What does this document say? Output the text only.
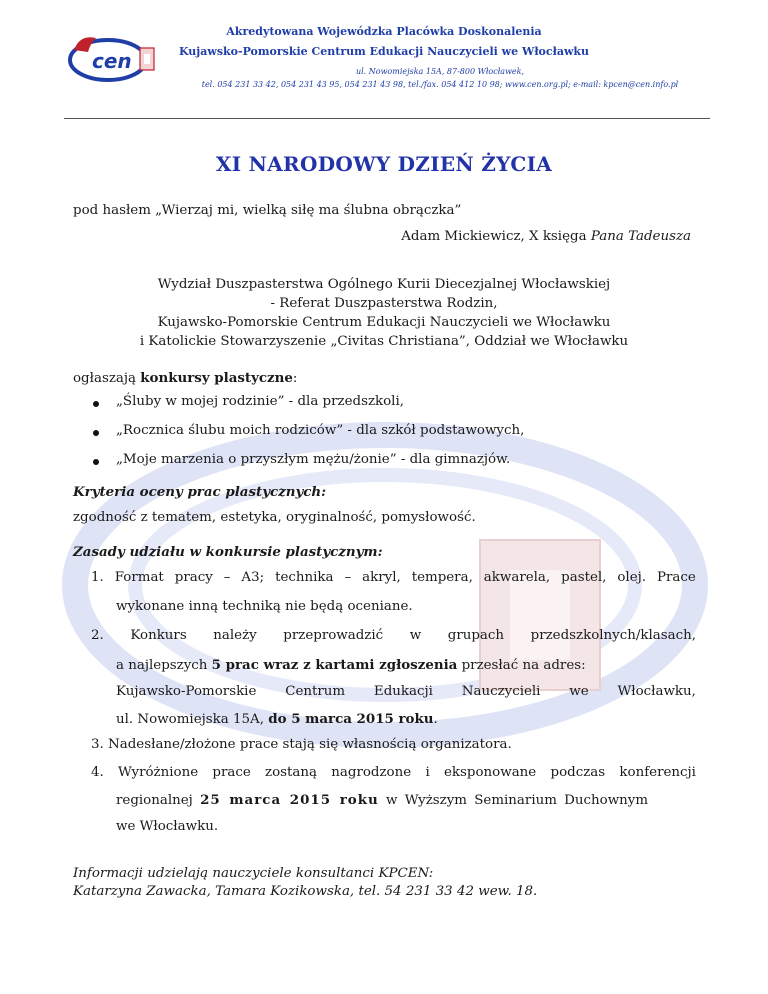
cen
Akredytowana Wojewódzka Placówka Doskonalenia
Kujawsko-Pomorskie Centrum Edukacji Nauczycieli we Włocławku
ul. Nowomiejska 15A, 87-800 Włocławek,
tel. 054 231 33 42, 054 231 43 95, 054 231 43 98, tel./fax. 054 412 10 98; www.cen.org.pl; e-mail: kpcen@cen.info.pl
XI NARODOWY DZIEŃ ŻYCIA
pod hasłem „Wierzaj mi, wielką siłę ma ślubna obrączka”
Adam Mickiewicz, X księga Pana Tadeusza
Wydział Duszpasterstwa Ogólnego Kurii Diecezjalnej Włocławskiej
- Referat Duszpasterstwa Rodzin,
Kujawsko-Pomorskie Centrum Edukacji Nauczycieli we Włocławku
i Katolickie Stowarzyszenie „Civitas Christiana”, Oddział we Włocławku
ogłaszają konkursy plastyczne:
„Śluby w mojej rodzinie” - dla przedszkoli,
„Rocznica ślubu moich rodziców” - dla szkół podstawowych,
„Moje marzenia o przyszłym mężu/żonie” - dla gimnazjów.
Kryteria oceny prac plastycznych:
zgodność z tematem, estetyka, oryginalność, pomysłowość.
Zasady udziału w konkursie plastycznym:
1. Format pracy – A3; technika – akryl, tempera, akwarela, pastel, olej. Prace
wykonane inną techniką nie będą oceniane.
2. Konkurs należy przeprowadzić w grupach przedszkolnych/klasach,
a najlepszych 5 prac wraz z kartami zgłoszenia przesłać na adres:
Kujawsko-Pomorskie Centrum Edukacji Nauczycieli we Włocławku,
ul. Nowomiejska 15A, do 5 marca 2015 roku.
3. Nadesłane/złożone prace stają się własnością organizatora.
4. Wyróżnione prace zostaną nagrodzone i eksponowane podczas konferencji
regionalnej 25 marca 2015 roku w Wyższym Seminarium Duchownym
we Włocławku.
Informacji udzielają nauczyciele konsultanci KPCEN:
Katarzyna Zawacka, Tamara Kozikowska, tel. 54 231 33 42 wew. 18.
